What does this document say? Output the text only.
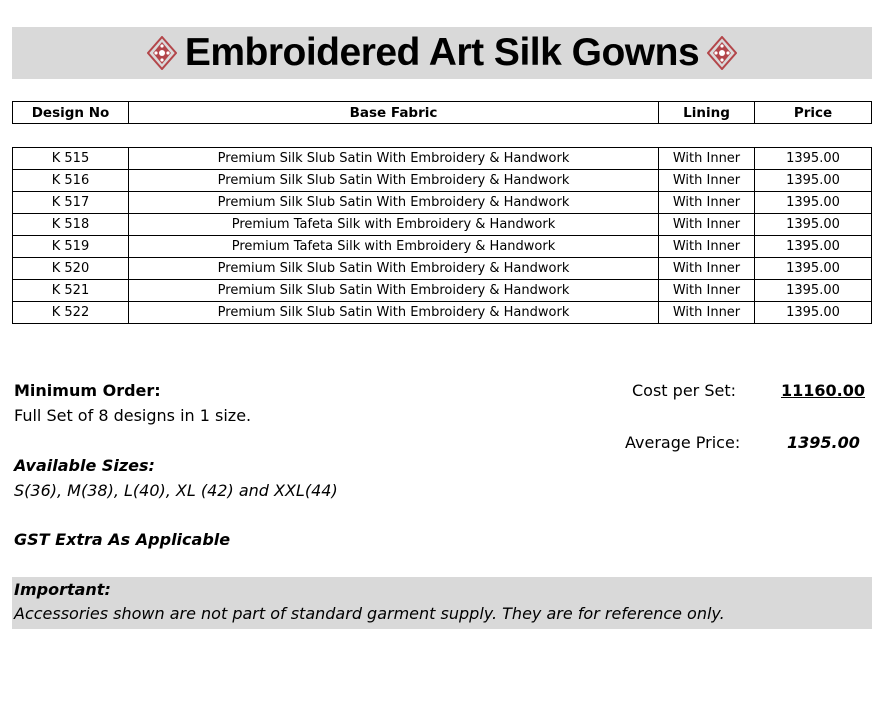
Embroidered Art Silk Gowns
Design No	Base Fabric	Lining	Price
K 515	Premium Silk Slub Satin With Embroidery & Handwork	With Inner	1395.00
K 516	Premium Silk Slub Satin With Embroidery & Handwork	With Inner	1395.00
K 517	Premium Silk Slub Satin With Embroidery & Handwork	With Inner	1395.00
K 518	Premium Tafeta Silk with Embroidery & Handwork	With Inner	1395.00
K 519	Premium Tafeta Silk with Embroidery & Handwork	With Inner	1395.00
K 520	Premium Silk Slub Satin With Embroidery & Handwork	With Inner	1395.00
K 521	Premium Silk Slub Satin With Embroidery & Handwork	With Inner	1395.00
K 522	Premium Silk Slub Satin With Embroidery & Handwork	With Inner	1395.00
Minimum Order:
Full Set of 8 designs in 1 size.
Cost per Set:	11160.00
Average Price:	1395.00
Available Sizes:
S(36), M(38), L(40), XL (42) and XXL(44)
GST Extra As Applicable
Important:
Accessories shown are not part of standard garment supply. They are for reference only.
